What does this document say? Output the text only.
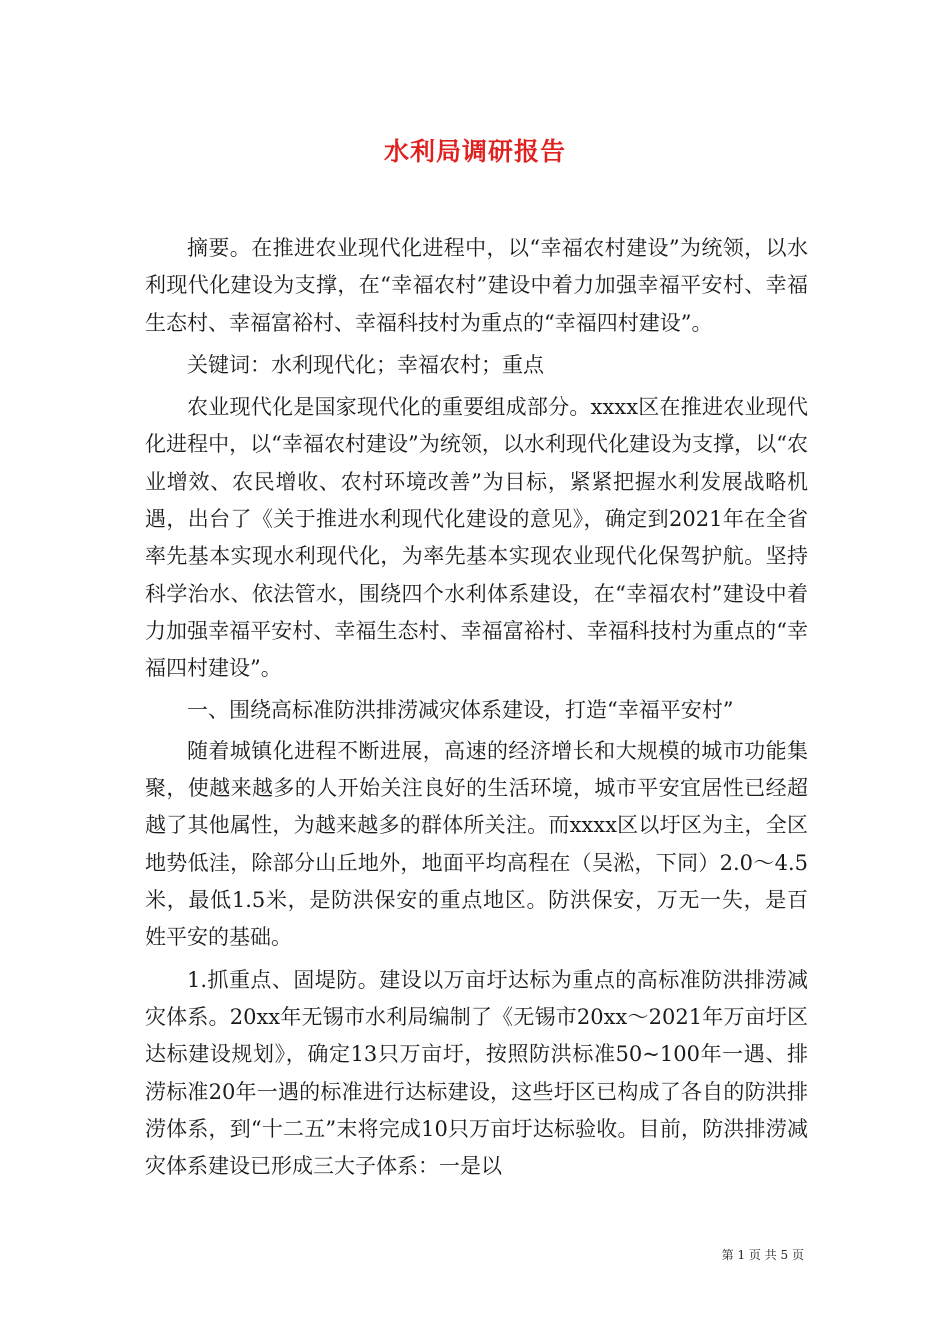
水利局调研报告

摘要。在推进农业现代化进程中，以“幸福农村建设”为统领，以水利现代化建设为支撑，在“幸福农村”建设中着力加强幸福平安村、幸福生态村、幸福富裕村、幸福科技村为重点的“幸福四村建设”。

关键词：水利现代化；幸福农村；重点

农业现代化是国家现代化的重要组成部分。xxxx区在推进农业现代化进程中，以“幸福农村建设”为统领，以水利现代化建设为支撑，以“农业增效、农民增收、农村环境改善”为目标，紧紧把握水利发展战略机遇，出台了《关于推进水利现代化建设的意见》，确定到2021年在全省率先基本实现水利现代化，为率先基本实现农业现代化保驾护航。坚持科学治水、依法管水，围绕四个水利体系建设，在“幸福农村”建设中着力加强幸福平安村、幸福生态村、幸福富裕村、幸福科技村为重点的“幸福四村建设”。

一、围绕高标准防洪排涝减灾体系建设，打造“幸福平安村”

随着城镇化进程不断进展，高速的经济增长和大规模的城市功能集聚，使越来越多的人开始关注良好的生活环境，城市平安宜居性已经超越了其他属性，为越来越多的群体所关注。而xxxx区以圩区为主，全区地势低洼，除部分山丘地外，地面平均高程在（吴淞，下同）2.0～4.5米，最低1.5米，是防洪保安的重点地区。防洪保安，万无一失，是百姓平安的基础。

1.抓重点、固堤防。建设以万亩圩达标为重点的高标准防洪排涝减灾体系。20xx年无锡市水利局编制了《无锡市20xx～2021年万亩圩区达标建设规划》，确定13只万亩圩，按照防洪标准50~100年一遇、排涝标准20年一遇的标准进行达标建设，这些圩区已构成了各自的防洪排涝体系，到“十二五”末将完成10只万亩圩达标验收。目前，防洪排涝减灾体系建设已形成三大子体系：一是以

第 1 页 共 5 页
